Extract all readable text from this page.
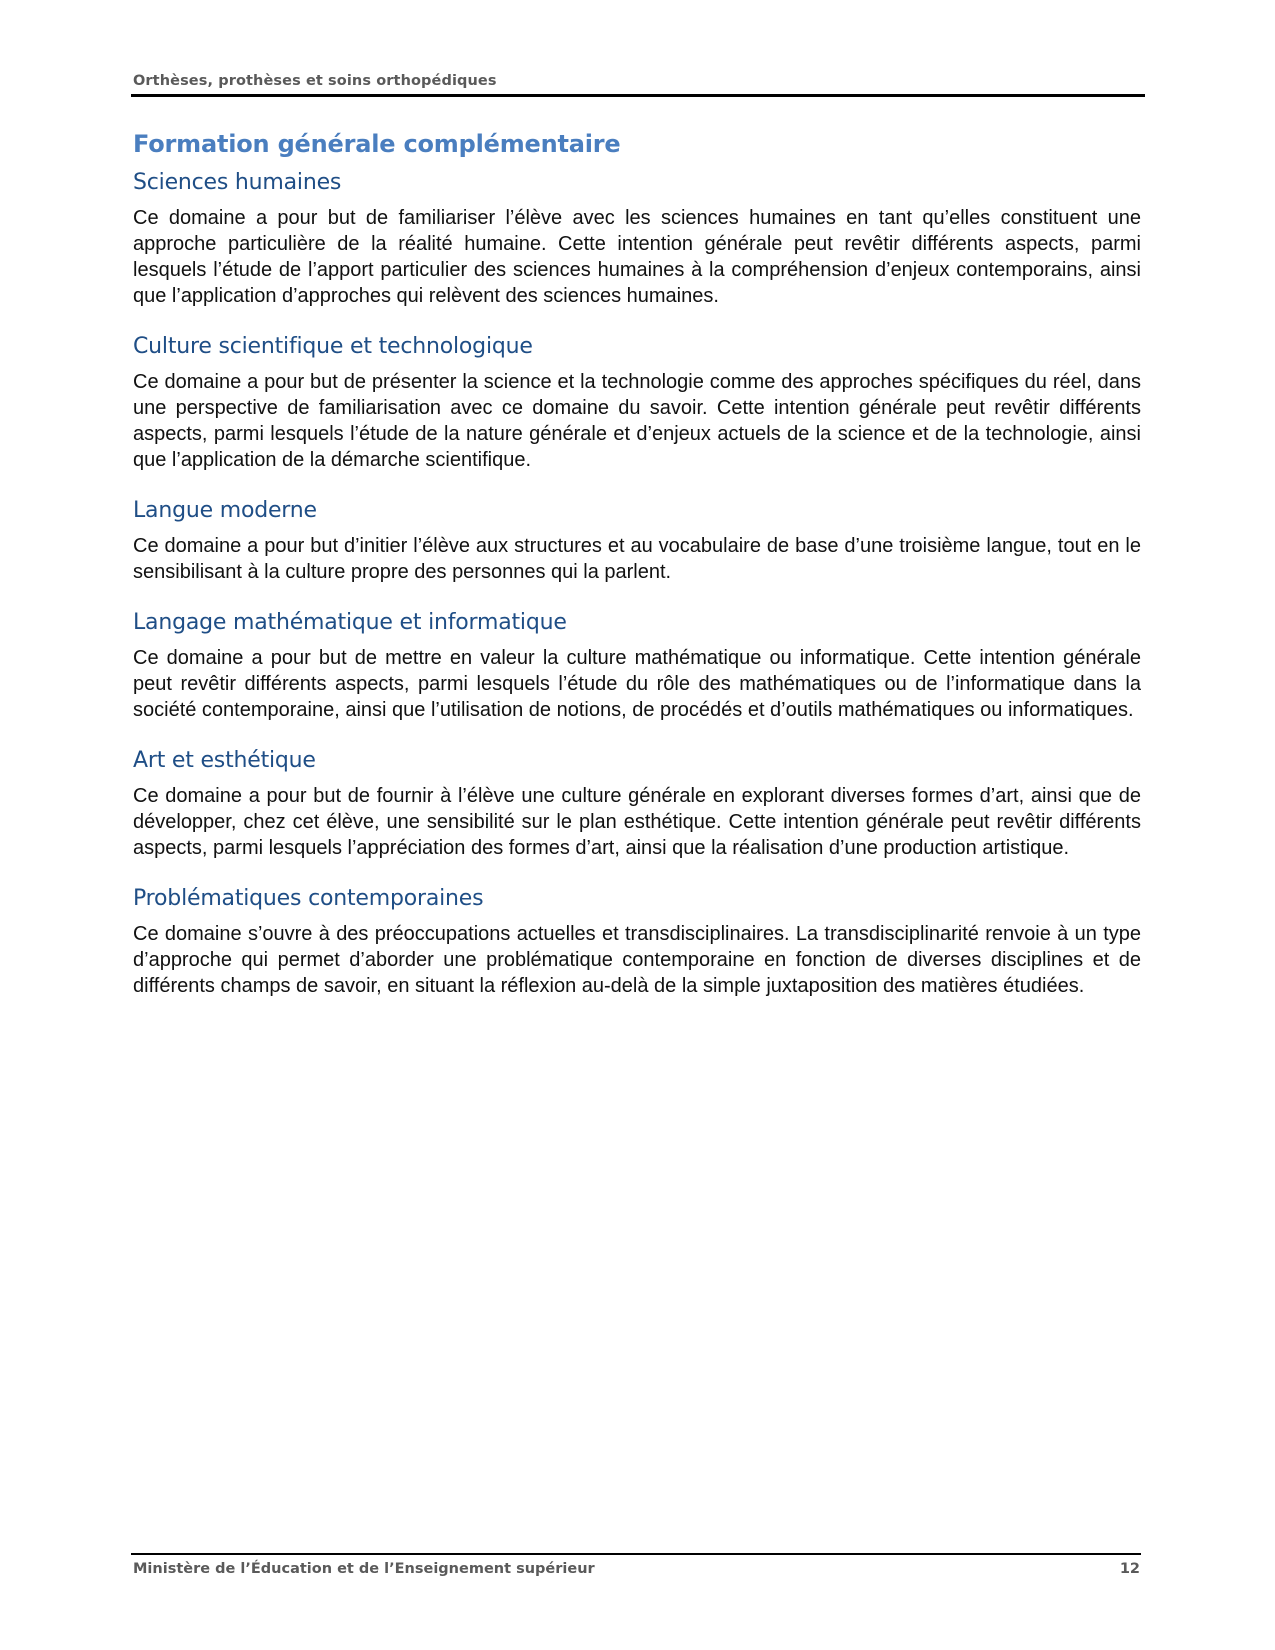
Orthèses, prothèses et soins orthopédiques
Formation générale complémentaire
Sciences humaines

Ce domaine a pour but de familiariser l’élève avec les sciences humaines en tant qu’elles constituent une approche particulière de la réalité humaine. Cette intention générale peut revêtir différents aspects, parmi lesquels l’étude de l’apport particulier des sciences humaines à la compréhension d’enjeux contemporains, ainsi que l’application d’approches qui relèvent des sciences humaines.

Culture scientifique et technologique

Ce domaine a pour but de présenter la science et la technologie comme des approches spécifiques du réel, dans une perspective de familiarisation avec ce domaine du savoir. Cette intention générale peut revêtir différents aspects, parmi lesquels l’étude de la nature générale et d’enjeux actuels de la science et de la technologie, ainsi que l’application de la démarche scientifique.

Langue moderne

Ce domaine a pour but d’initier l’élève aux structures et au vocabulaire de base d’une troisième langue, tout en le sensibilisant à la culture propre des personnes qui la parlent.

Langage mathématique et informatique

Ce domaine a pour but de mettre en valeur la culture mathématique ou informatique. Cette intention générale peut revêtir différents aspects, parmi lesquels l’étude du rôle des mathématiques ou de l’informatique dans la société contemporaine, ainsi que l’utilisation de notions, de procédés et d’outils mathématiques ou informatiques.

Art et esthétique

Ce domaine a pour but de fournir à l’élève une culture générale en explorant diverses formes d’art, ainsi que de développer, chez cet élève, une sensibilité sur le plan esthétique. Cette intention générale peut revêtir différents aspects, parmi lesquels l’appréciation des formes d’art, ainsi que la réalisation d’une production artistique.

Problématiques contemporaines

Ce domaine s’ouvre à des préoccupations actuelles et transdisciplinaires. La transdisciplinarité renvoie à un type d’approche qui permet d’aborder une problématique contemporaine en fonction de diverses disciplines et de différents champs de savoir, en situant la réflexion au-delà de la simple juxtaposition des matières étudiées.

Ministère de l’Éducation et de l’Enseignement supérieur	12
